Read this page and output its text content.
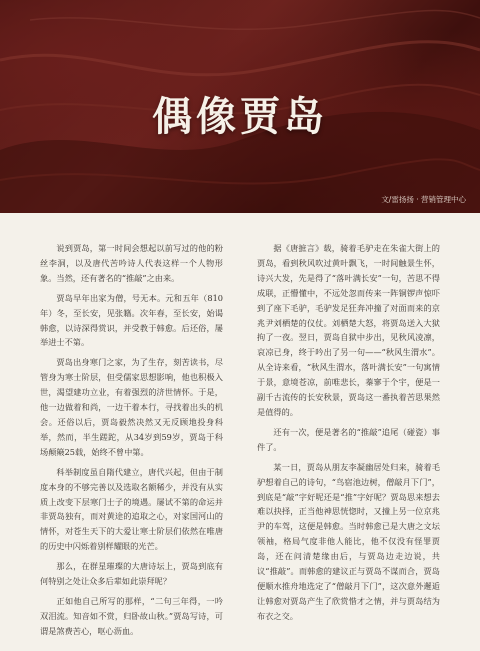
偶像贾岛
文/雷扬扬 · 营销管理中心

说到贾岛，第一时间会想起以前写过的他的粉丝李洞，以及唐代苦吟诗人代表这样一个人物形象。当然，还有著名的“推敲”之由来。

贾岛早年出家为僧，号无本。元和五年（810年）冬，至长安，见张籍。次年春，至长安，始谒韩愈，以诗深得赏识，并受教于韩愈。后还俗，屡举进士不第。

贾岛出身寒门之家，为了生存，刻苦读书，尽管身为寒士阶层，但受儒家思想影响，他也积极入世，渴望建功立业，有着强烈的济世情怀。于是，他一边做着和尚，一边干着本行，寻找着出头的机会。还俗以后，贾岛毅然决然又无反顾地投身科举，然而，半生蹉跎，从34岁到59岁，贾岛于科场颠簸25载，始终不曾中第。

科举制度虽自隋代建立，唐代兴起，但由于制度本身的不够完善以及选取名额稀少，并没有从实质上改变下层寒门士子的境遇。屡试不第的命运并非贾岛独有，而对黄途的追取之心，对家国河山的情怀，对苍生天下的大爱让寒士阶层们依然在唯唐的历史中闪烁着别样耀眼的光芒。

那么，在群星璀璨的大唐诗坛上，贾岛到底有何特别之处让众多后辈如此崇拜呢？

正如他自己所写的那样，“二句三年得，一吟双泪流。知音如不赏，归卧故山秋。”贾岛写诗，可谓是煞费苦心，呕心沥血。

据《唐摭言》载，骑着毛驴走在朱雀大街上的贾岛，看到秋风吹过黄叶飘飞，一时间触景生怀，诗兴大发，先是得了“落叶满长安”一句，苦思不得成联，正懵懂中，不远处忽而传来一阵铜锣声惊吓到了座下毛驴，毛驴发足狂奔冲撞了对面而来的京兆尹刘栖楚的仪仗。刘栖楚大怒，将贾岛送入大狱拘了一夜。翌日，贾岛自狱中步出，见秋风凌凛，哀凉已身，终于吟出了另一句——“秋风生渭水”。从全诗来看，“秋风生渭水，落叶满长安”一句寓情于景，意境苍凉，前唯悲长，蓁寥于个宇，便是一副千古流传的长安秋景，贾岛这一番执着苦思果然是值得的。

还有一次，便是著名的“推敲”追尾（碰瓷）事件了。

某一日，贾岛从朋友李凝幽居处归来，骑着毛驴想着自己的诗句，“鸟宿池边树，僧敲月下门”，到底是“敲”字好呢还是“推”字好呢？贾岛思来想去难以抉择，正当他神思恍惚时，又撞上另一位京兆尹的车驾，这便是韩愈。当时韩愈已是大唐之文坛领袖，格局气度非他人能比，他不仅没有怪罪贾岛，还在问清楚缘由后，与贾岛边走边说，共议“推敲”。而韩愈的建议正与贾岛不谋而合，贾岛便顺水推舟地选定了“僧敲月下门”，这次意外邂逅让韩愈对贾岛产生了欣赏惜才之情，并与贾岛结为布衣之交。
